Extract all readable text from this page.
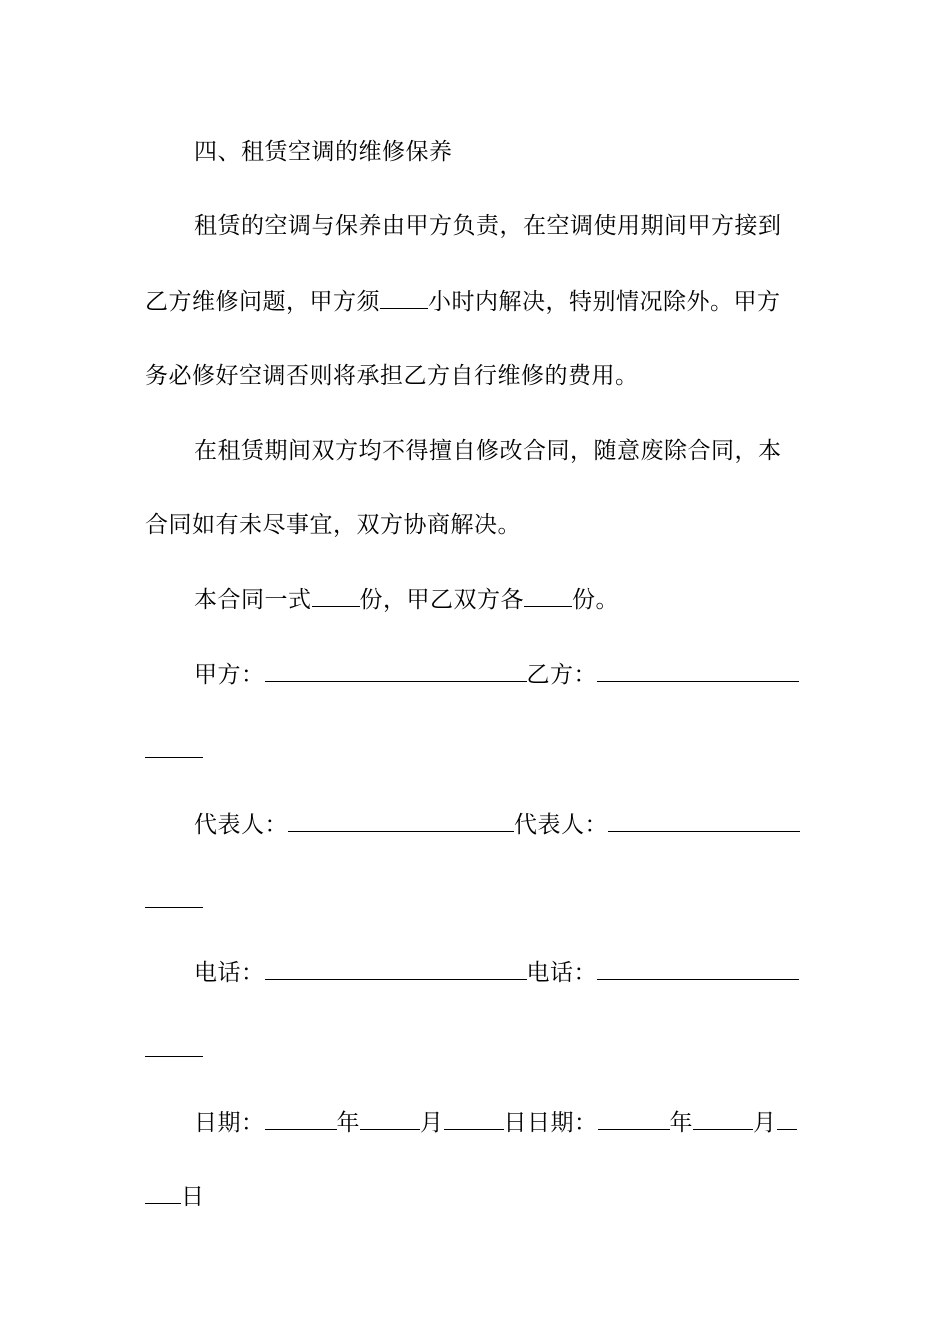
四、租赁空调的维修保养
租赁的空调与保养由甲方负责，在空调使用期间甲方接到
乙方维修问题，甲方须 小时内解决，特别情况除外。甲方
务必修好空调否则将承担乙方自行维修的费用。
在租赁期间双方均不得擅自修改合同，随意废除合同，本
合同如有未尽事宜，双方协商解决。
本合同一式 份，甲乙双方各 份。
甲方：	乙方：
代表人：	代表人：
电话：	电话：
日期：	年	月	日日期：	年	月
日
